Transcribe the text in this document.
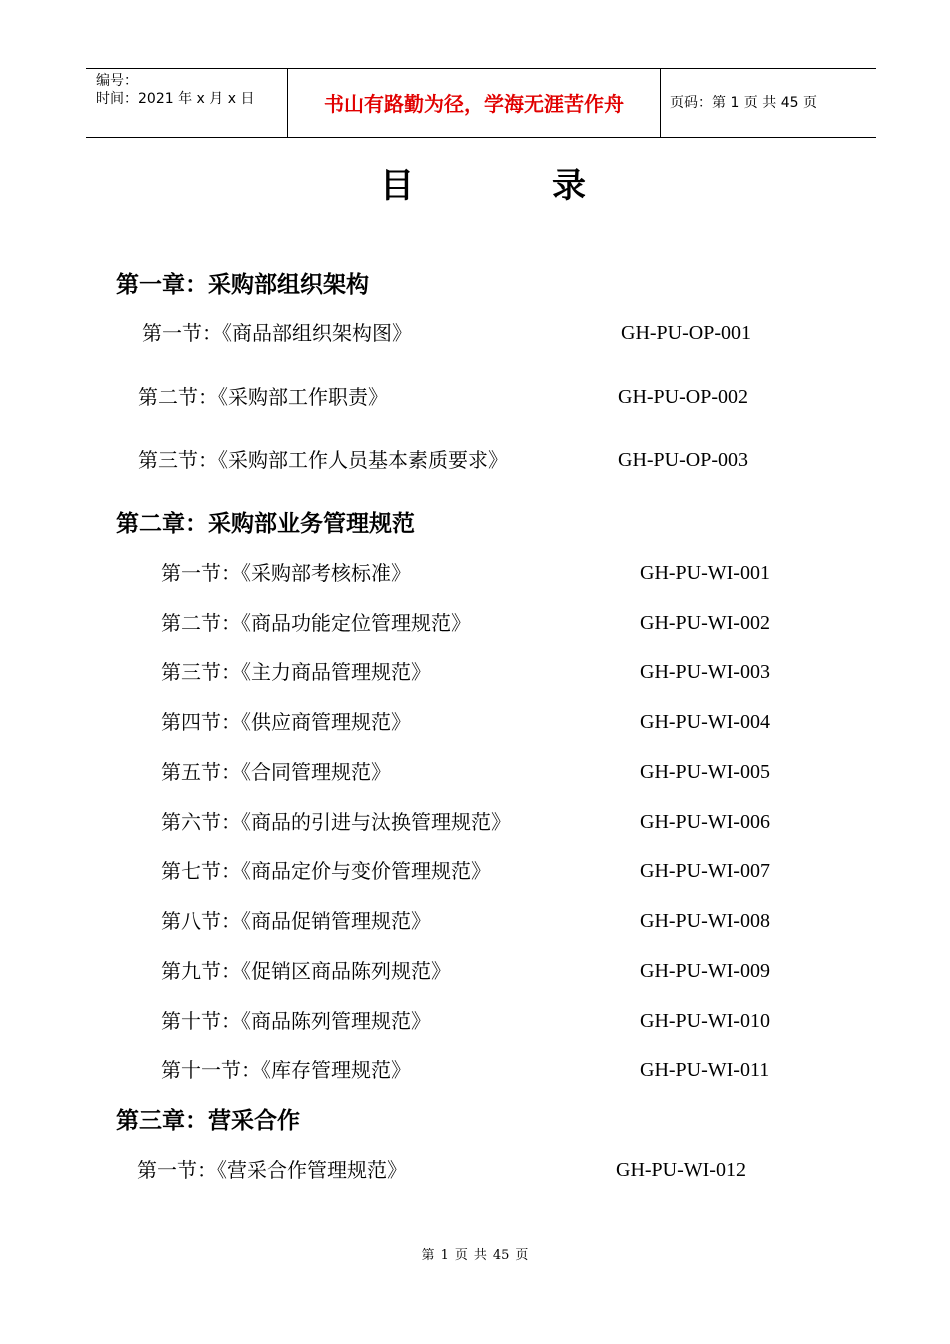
编号：
时间：2021 年 x 月 x 日	书山有路勤为径，学海无涯苦作舟	页码：第 1 页 共 45 页
目	录
第一章：采购部组织架构
第一节：《商品部组织架构图》	GH-PU-OP-001
第二节：《采购部工作职责》	GH-PU-OP-002
第三节：《采购部工作人员基本素质要求》	GH-PU-OP-003
第二章：采购部业务管理规范
第一节：《采购部考核标准》	GH-PU-WI-001
第二节：《商品功能定位管理规范》	GH-PU-WI-002
第三节：《主力商品管理规范》	GH-PU-WI-003
第四节：《供应商管理规范》	GH-PU-WI-004
第五节：《合同管理规范》	GH-PU-WI-005
第六节：《商品的引进与汰换管理规范》	GH-PU-WI-006
第七节：《商品定价与变价管理规范》	GH-PU-WI-007
第八节：《商品促销管理规范》	GH-PU-WI-008
第九节：《促销区商品陈列规范》	GH-PU-WI-009
第十节：《商品陈列管理规范》	GH-PU-WI-010
第十一节：《库存管理规范》	GH-PU-WI-011
第三章：营采合作
第一节：《营采合作管理规范》	GH-PU-WI-012
第 1 页 共 45 页
